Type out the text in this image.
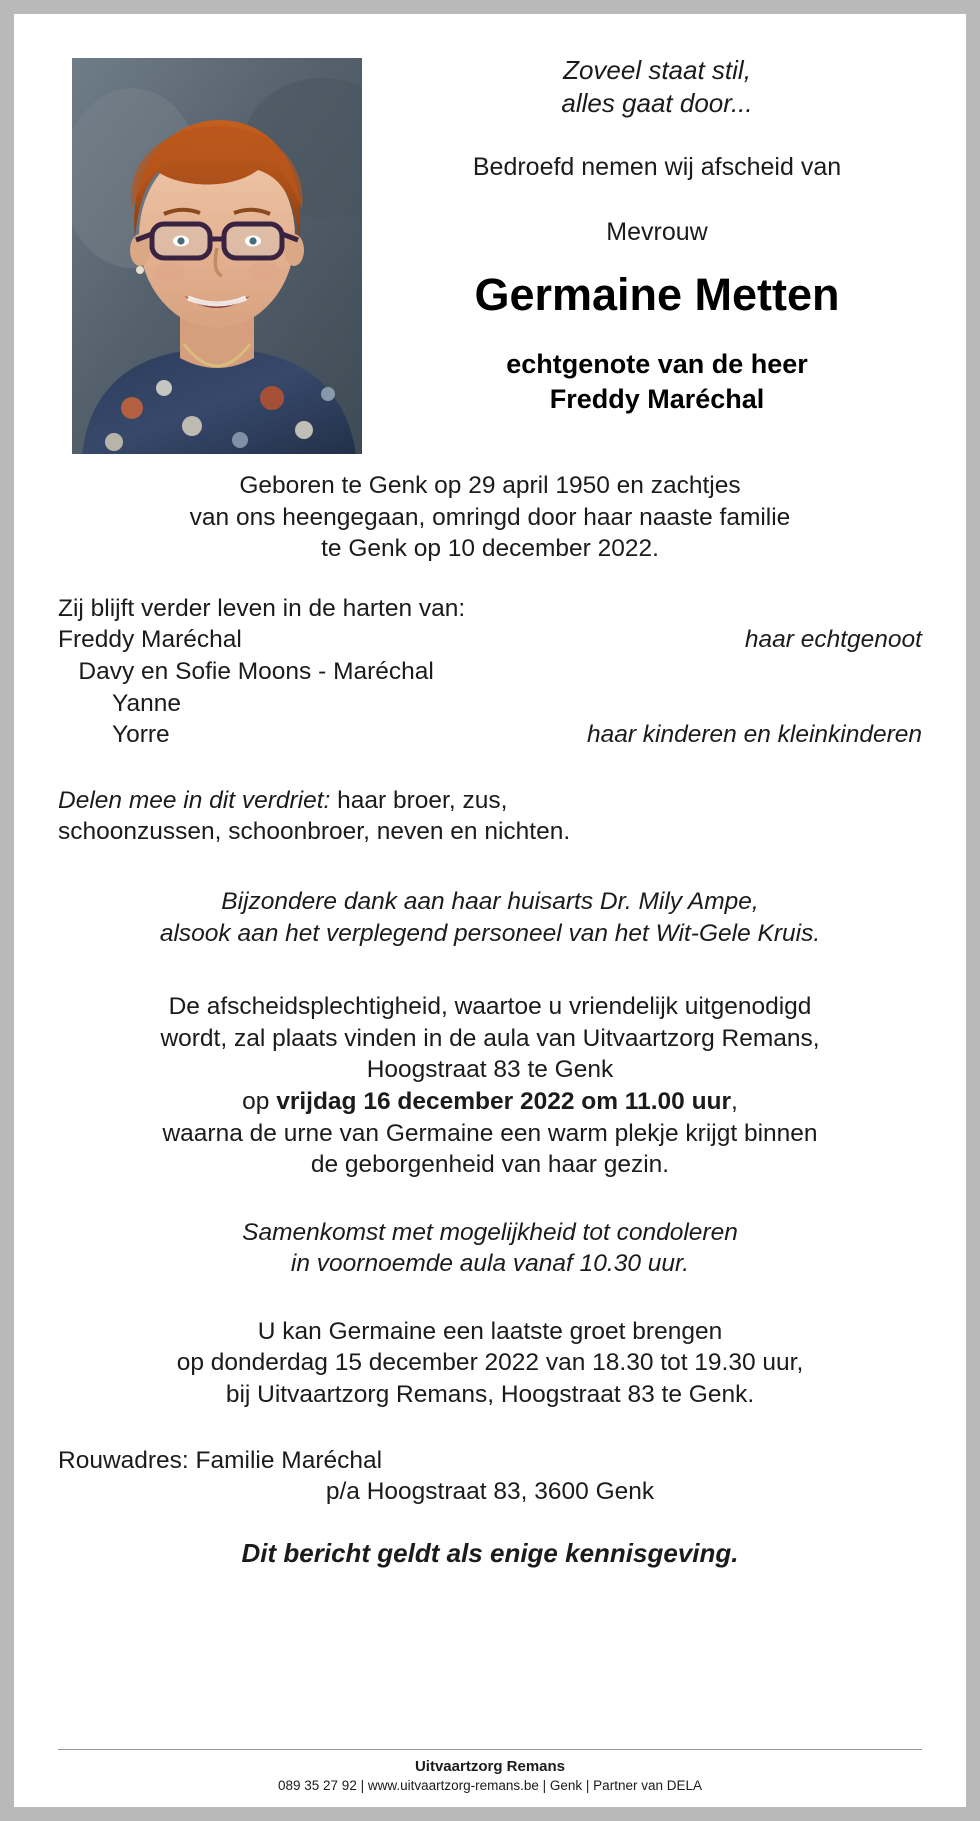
Zoveel staat stil,
alles gaat door...
Bedroefd nemen wij afscheid van
Mevrouw
Germaine Metten
echtgenote van de heer
Freddy Maréchal
Geboren te Genk op 29 april 1950 en zachtjes
van ons heengegaan, omringd door haar naaste familie
te Genk op 10 december 2022.
Zij blijft verder leven in de harten van:
Freddy Maréchal	haar echtgenoot
Davy en Sofie Moons - Maréchal
Yanne
Yorre	haar kinderen en kleinkinderen
Delen mee in dit verdriet: haar broer, zus,
schoonzussen, schoonbroer, neven en nichten.
Bijzondere dank aan haar huisarts Dr. Mily Ampe,
alsook aan het verplegend personeel van het Wit-Gele Kruis.
De afscheidsplechtigheid, waartoe u vriendelijk uitgenodigd
wordt, zal plaats vinden in de aula van Uitvaartzorg Remans,
Hoogstraat 83 te Genk
op vrijdag 16 december 2022 om 11.00 uur,
waarna de urne van Germaine een warm plekje krijgt binnen
de geborgenheid van haar gezin.
Samenkomst met mogelijkheid tot condoleren
in voornoemde aula vanaf 10.30 uur.
U kan Germaine een laatste groet brengen
op donderdag 15 december 2022 van 18.30 tot 19.30 uur,
bij Uitvaartzorg Remans, Hoogstraat 83 te Genk.
Rouwadres: Familie Maréchal
p/a Hoogstraat 83, 3600 Genk
Dit bericht geldt als enige kennisgeving.
Uitvaartzorg Remans
089 35 27 92 | www.uitvaartzorg-remans.be | Genk | Partner van DELA
